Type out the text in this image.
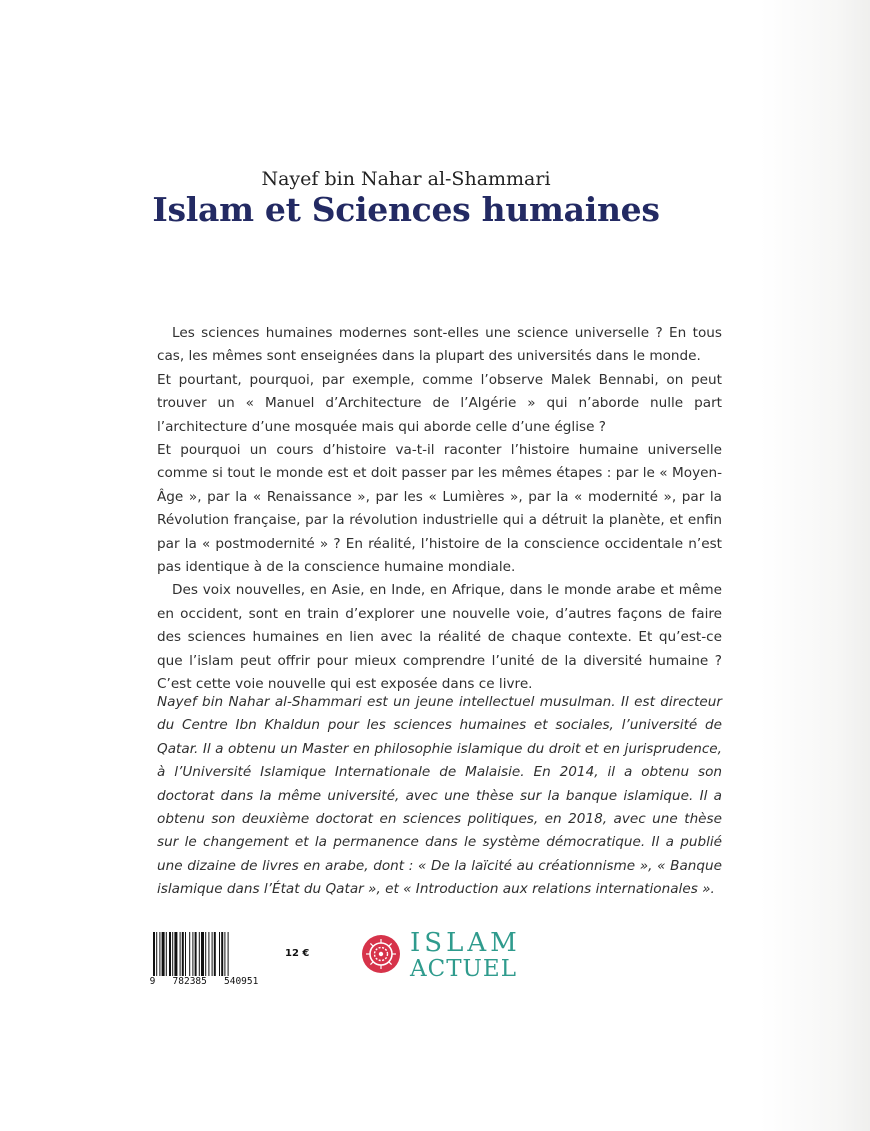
Nayef bin Nahar al-Shammari
Islam et Sciences humaines

Les sciences humaines modernes sont-elles une science universelle ? En tous cas, les mêmes sont enseignées dans la plupart des universités dans le monde.

Et pourtant, pourquoi, par exemple, comme l’observe Malek Bennabi, on peut trouver un « Manuel d’Architecture de l’Algérie » qui n’aborde nulle part l’architecture d’une mosquée mais qui aborde celle d’une église ?

Et pourquoi un cours d’histoire va-t-il raconter l’histoire humaine universelle comme si tout le monde est et doit passer par les mêmes étapes : par le « Moyen-Âge », par la « Renaissance », par les « Lumières », par la « modernité », par la Révolution française, par la révolution industrielle qui a détruit la planète, et enfin par la « postmodernité » ? En réalité, l’histoire de la conscience occidentale n’est pas identique à de la conscience humaine mondiale.

Des voix nouvelles, en Asie, en Inde, en Afrique, dans le monde arabe et même en occident, sont en train d’explorer une nouvelle voie, d’autres façons de faire des sciences humaines en lien avec la réalité de chaque contexte. Et qu’est-ce que l’islam peut offrir pour mieux comprendre l’unité de la diversité humaine ? C’est cette voie nouvelle qui est exposée dans ce livre.

Nayef bin Nahar al-Shammari est un jeune intellectuel musulman. Il est directeur du Centre Ibn Khaldun pour les sciences humaines et sociales, l’université de Qatar. Il a obtenu un Master en philosophie islamique du droit et en jurisprudence, à l’Université Islamique Internationale de Malaisie. En 2014, il a obtenu son doctorat dans la même université, avec une thèse sur la banque islamique. Il a obtenu son deuxième doctorat en sciences politiques, en 2018, avec une thèse sur le changement et la permanence dans le système démocratique. Il a publié une dizaine de livres en arabe, dont : « De la laïcité au créationnisme », « Banque islamique dans l’État du Qatar », et « Introduction aux relations internationales ».

9   782385   540951
12 €	ISLAM
ACTUEL
